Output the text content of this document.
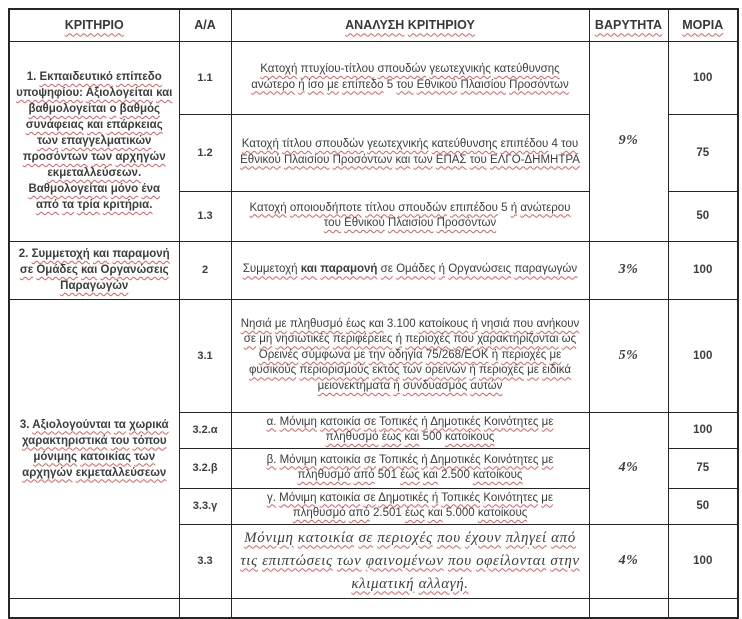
ΚΡΙΤΗΡΙΟ	Α/Α	ΑΝΑΛΥΣΗ ΚΡΙΤΗΡΙΟΥ	ΒΑΡΥΤΗΤΑ	ΜΟΡΙΑ
1. Εκπαιδευτικό επίπεδο υποψηφίου: Αξιολογείται και βαθμολογείται ο βαθμός συνάφειας και επάρκειας των επαγγελματικών προσόντων των αρχηγών εκμεταλλεύσεων. Βαθμολογείται μόνο ένα από τα τρία κριτήρια.	1.1	Κατοχή πτυχίου-τίτλου σπουδών γεωτεχνικής κατεύθυνσης ανώτερο ή ίσο με επίπεδο 5 του Εθνικού Πλαισίου Προσόντων	9%	100
	1.2	Κατοχή τίτλου σπουδών γεωτεχνικής κατεύθυνσης επιπέδου 4 του Εθνικού Πλαισίου Προσόντων και των ΕΠΑΣ του ΕΛΓΟ-ΔΗΜΗΤΡΑ		75
	1.3	Κατοχή οποιουδήποτε τίτλου σπουδών επιπέδου 5 ή ανώτερου του Εθνικού Πλαισίου Προσόντων		50
2. Συμμετοχή και παραμονή σε Ομάδες και Οργανώσεις Παραγωγών	2	Συμμετοχή και παραμονή σε Ομάδες ή Οργανώσεις παραγωγών	3%	100
3. Αξιολογούνται τα χωρικά χαρακτηριστικά του τόπου μόνιμης κατοικίας των αρχηγών εκμεταλλεύσεων	3.1	Νησιά με πληθυσμό έως και 3.100 κατοίκους ή νησιά που ανήκουν σε μη νησιωτικές περιφέρειες ή περιοχές που χαρακτηρίζονται ως Ορεινές σύμφωνα με την οδηγία 75/268/ΕΟΚ ή περιοχές με φυσικούς περιορισμούς εκτός των ορεινών ή περιοχές με ειδικά μειονεκτήματα ή συνδυασμός αυτών	5%	100
	3.2.α	α. Μόνιμη κατοικία σε Τοπικές ή Δημοτικές Κοινότητες με πληθυσμό έως και 500 κατοίκους	4%	100
	3.2.β	β. Μόνιμη κατοικία σε Τοπικές ή Δημοτικές Κοινότητες με πληθυσμό από 501 έως και 2.500 κατοίκους		75
	3.3.γ	γ. Μόνιμη κατοικία σε Δημοτικές ή Τοπικές Κοινότητες με πληθυσμό από 2.501 έως και 5.000 κατοίκους		50
	3.3	Μόνιμη κατοικία σε περιοχές που έχουν πληγεί από τις επιπτώσεις των φαινομένων που οφείλονται στην κλιματική αλλαγή.	4%	100
